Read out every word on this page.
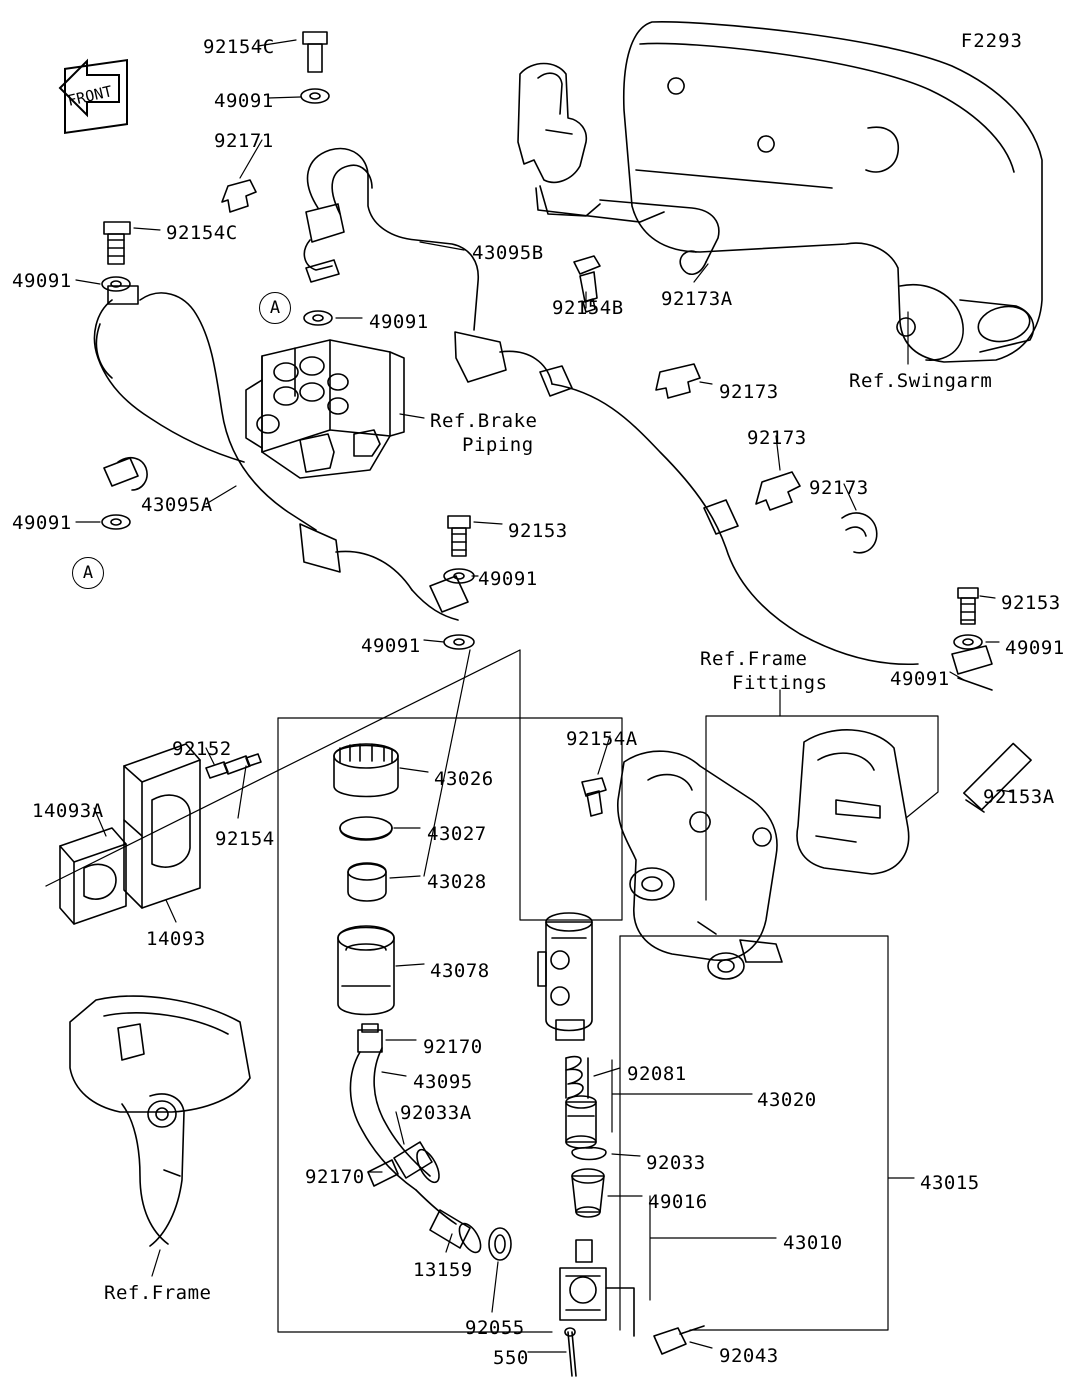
F2293
FRONT
92154C
49091
92171
92154C
49091
43095B
49091
92154B 92173A
Ref.Swingarm
92173
92173
92173
Ref.Brake
Piping
43095A
49091	92153
49091
49091
92153
49091
49091
Ref.Frame
Fittings
92154A
92153A
92152
14093A
92154
14093
43026
43027
43028
43078
92170
43095
92033A
92170
13159
92055
92081
43020
92033
49016
43010
43015
550	92043
Ref.Frame
A
A
